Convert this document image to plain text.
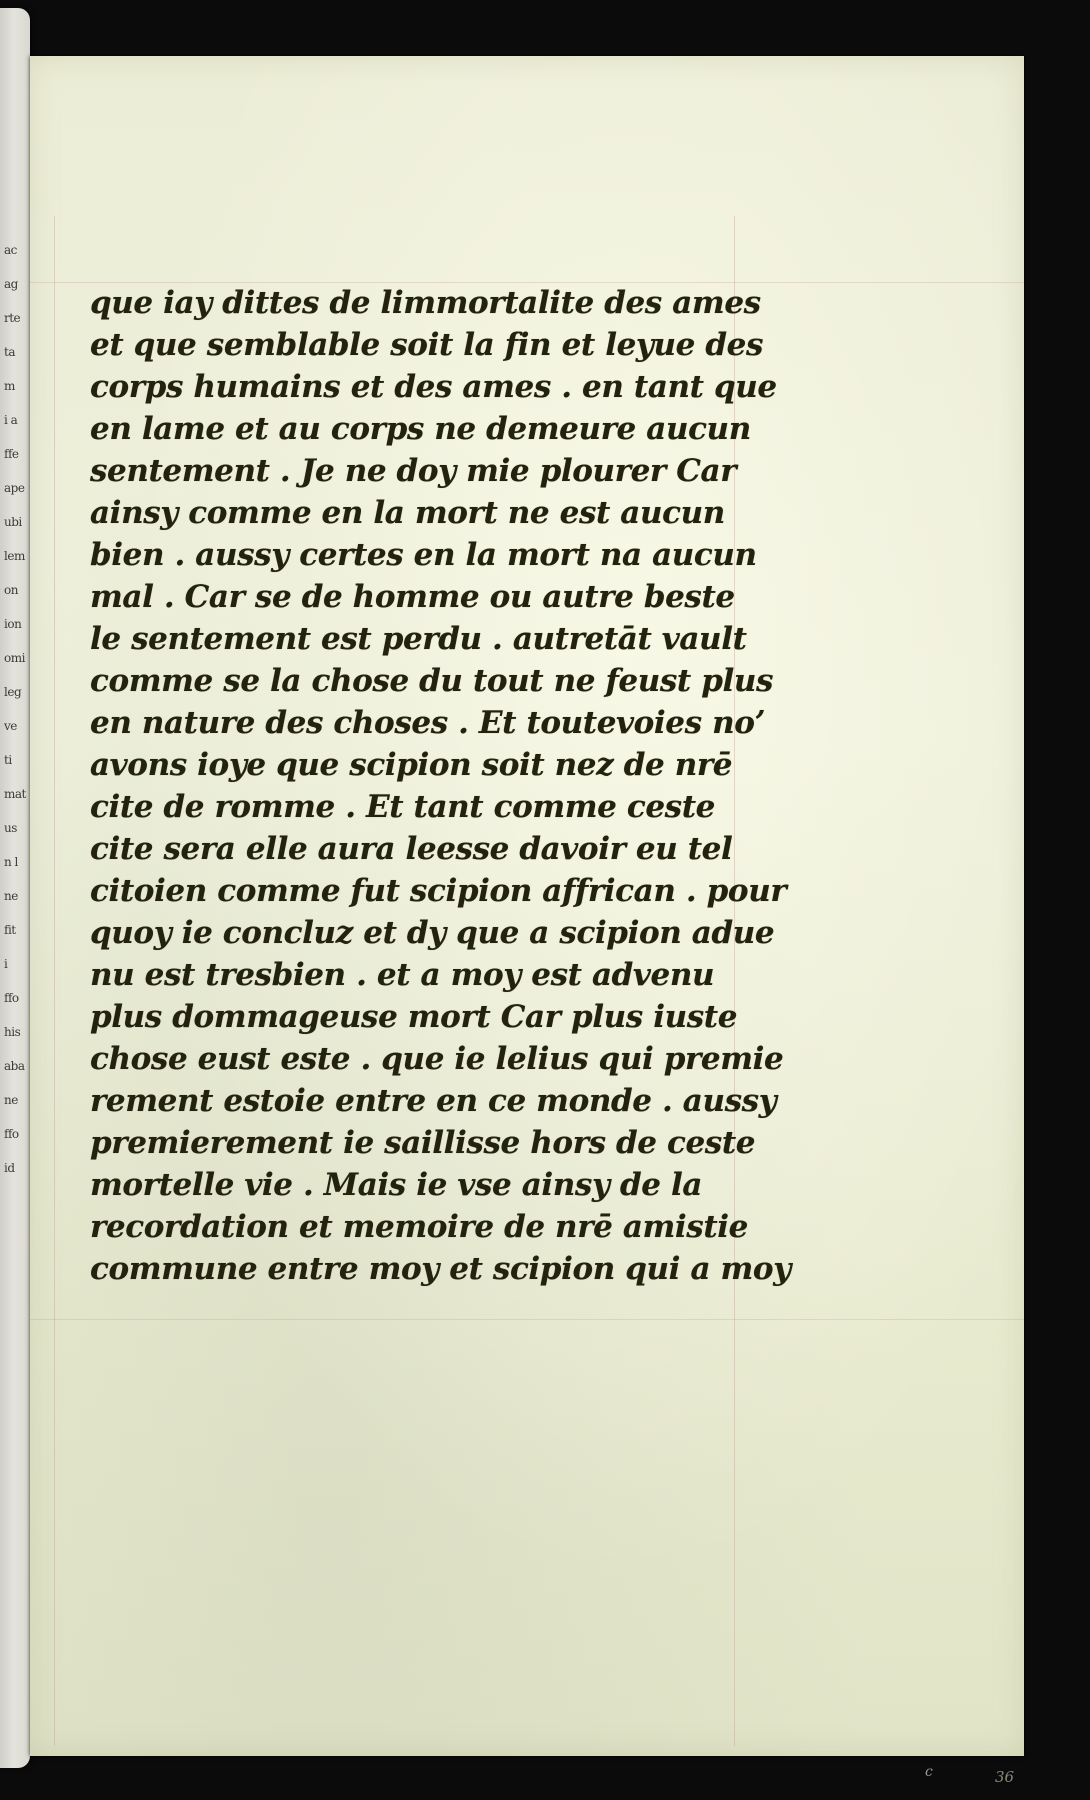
ac
ag
rte
ta
m
i a
ffe
ape
ubi
lem
on
ion
omi
leg
ve
ti
mat
us
n l
ne
fit
i
ffo
his
aba
ne
ffo
id
que iay dittes de limmortalite des ames
et que semblable soit la fin et leyue des
corps humains et des ames . en tant que
en lame et au corps ne demeure aucun
sentement . Je ne doy mie plourer Car
ainsy comme en la mort ne est aucun
bien . aussy certes en la mort na aucun
mal . Car se de homme ou autre beste
le sentement est perdu . autretāt vault
comme se la chose du tout ne feust plus
en nature des choses . Et toutevoies noʼ
avons ioye que scipion soit nez de nrē
cite de romme . Et tant comme ceste
cite sera elle aura leesse davoir eu tel
citoien comme fut scipion affrican . pour
quoy ie concluz et dy que a scipion adue
nu est tresbien . et a moy est advenu
plus dommageuse mort Car plus iuste
chose eust este . que ie lelius qui premie
rement estoie entre en ce monde . aussy
premierement ie saillisse hors de ceste
mortelle vie . Mais ie vse ainsy de la
recordation et memoire de nrē amistie
commune entre moy et scipion qui a moy
c	36
